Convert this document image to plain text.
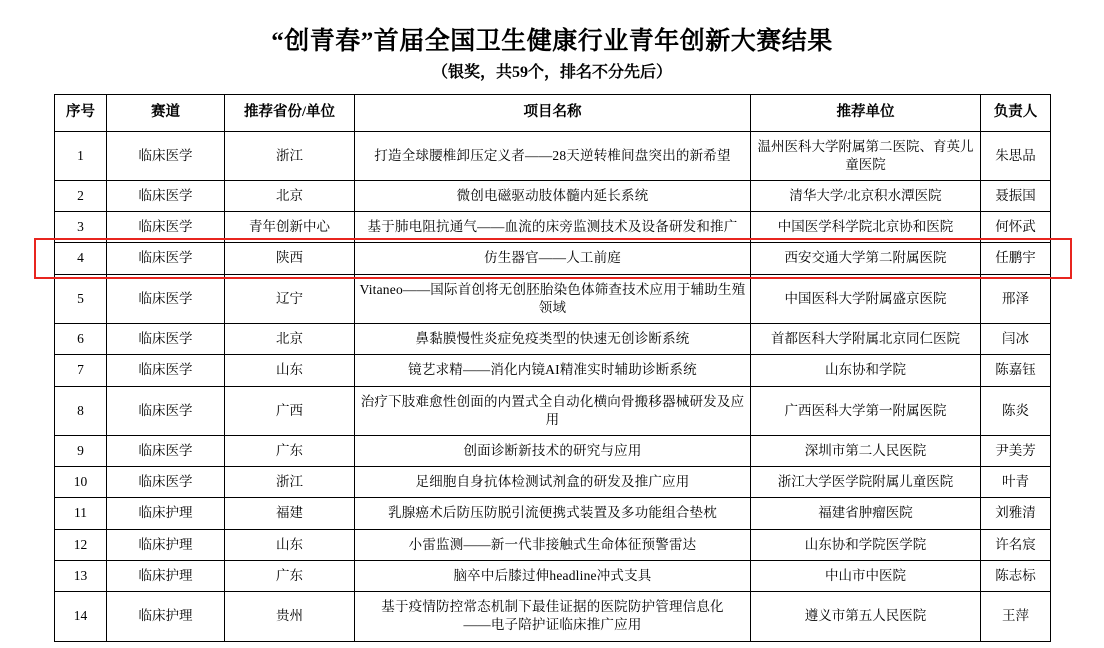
“创青春”首届全国卫生健康行业青年创新大赛结果
（银奖，共59个，排名不分先后）
序号	赛道	推荐省份/单位	项目名称	推荐单位	负责人
1	临床医学	浙江	打造全球腰椎卸压定义者——28天逆转椎间盘突出的新希望	温州医科大学附属第二医院、育英儿童医院	朱思品
2	临床医学	北京	微创电磁驱动肢体髓内延长系统	清华大学/北京积水潭医院	聂振国
3	临床医学	青年创新中心	基于肺电阻抗通气——血流的床旁监测技术及设备研发和推广	中国医学科学院北京协和医院	何怀武
4	临床医学	陕西	仿生器官——人工前庭	西安交通大学第二附属医院	任鹏宇
5	临床医学	辽宁	Vitaneo——国际首创将无创胚胎染色体筛查技术应用于辅助生殖领域	中国医科大学附属盛京医院	邢泽
6	临床医学	北京	鼻黏膜慢性炎症免疫类型的快速无创诊断系统	首都医科大学附属北京同仁医院	闫冰
7	临床医学	山东	镜艺求精——消化内镜AI精准实时辅助诊断系统	山东协和学院	陈嘉钰
8	临床医学	广西	治疗下肢难愈性创面的内置式全自动化横向骨搬移器械研发及应用	广西医科大学第一附属医院	陈炎
9	临床医学	广东	创面诊断新技术的研究与应用	深圳市第二人民医院	尹美芳
10	临床医学	浙江	足细胞自身抗体检测试剂盒的研发及推广应用	浙江大学医学院附属儿童医院	叶青
11	临床护理	福建	乳腺癌术后防压防脱引流便携式装置及多功能组合垫枕	福建省肿瘤医院	刘雅清
12	临床护理	山东	小雷监测——新一代非接触式生命体征预警雷达	山东协和学院医学院	许名宸
13	临床护理	广东	脑卒中后膝过伸headline冲式支具	中山市中医院	陈志标
14	临床护理	贵州	基于疫情防控常态机制下最佳证据的医院防护管理信息化
——电子陪护证临床推广应用	遵义市第五人民医院	王萍
